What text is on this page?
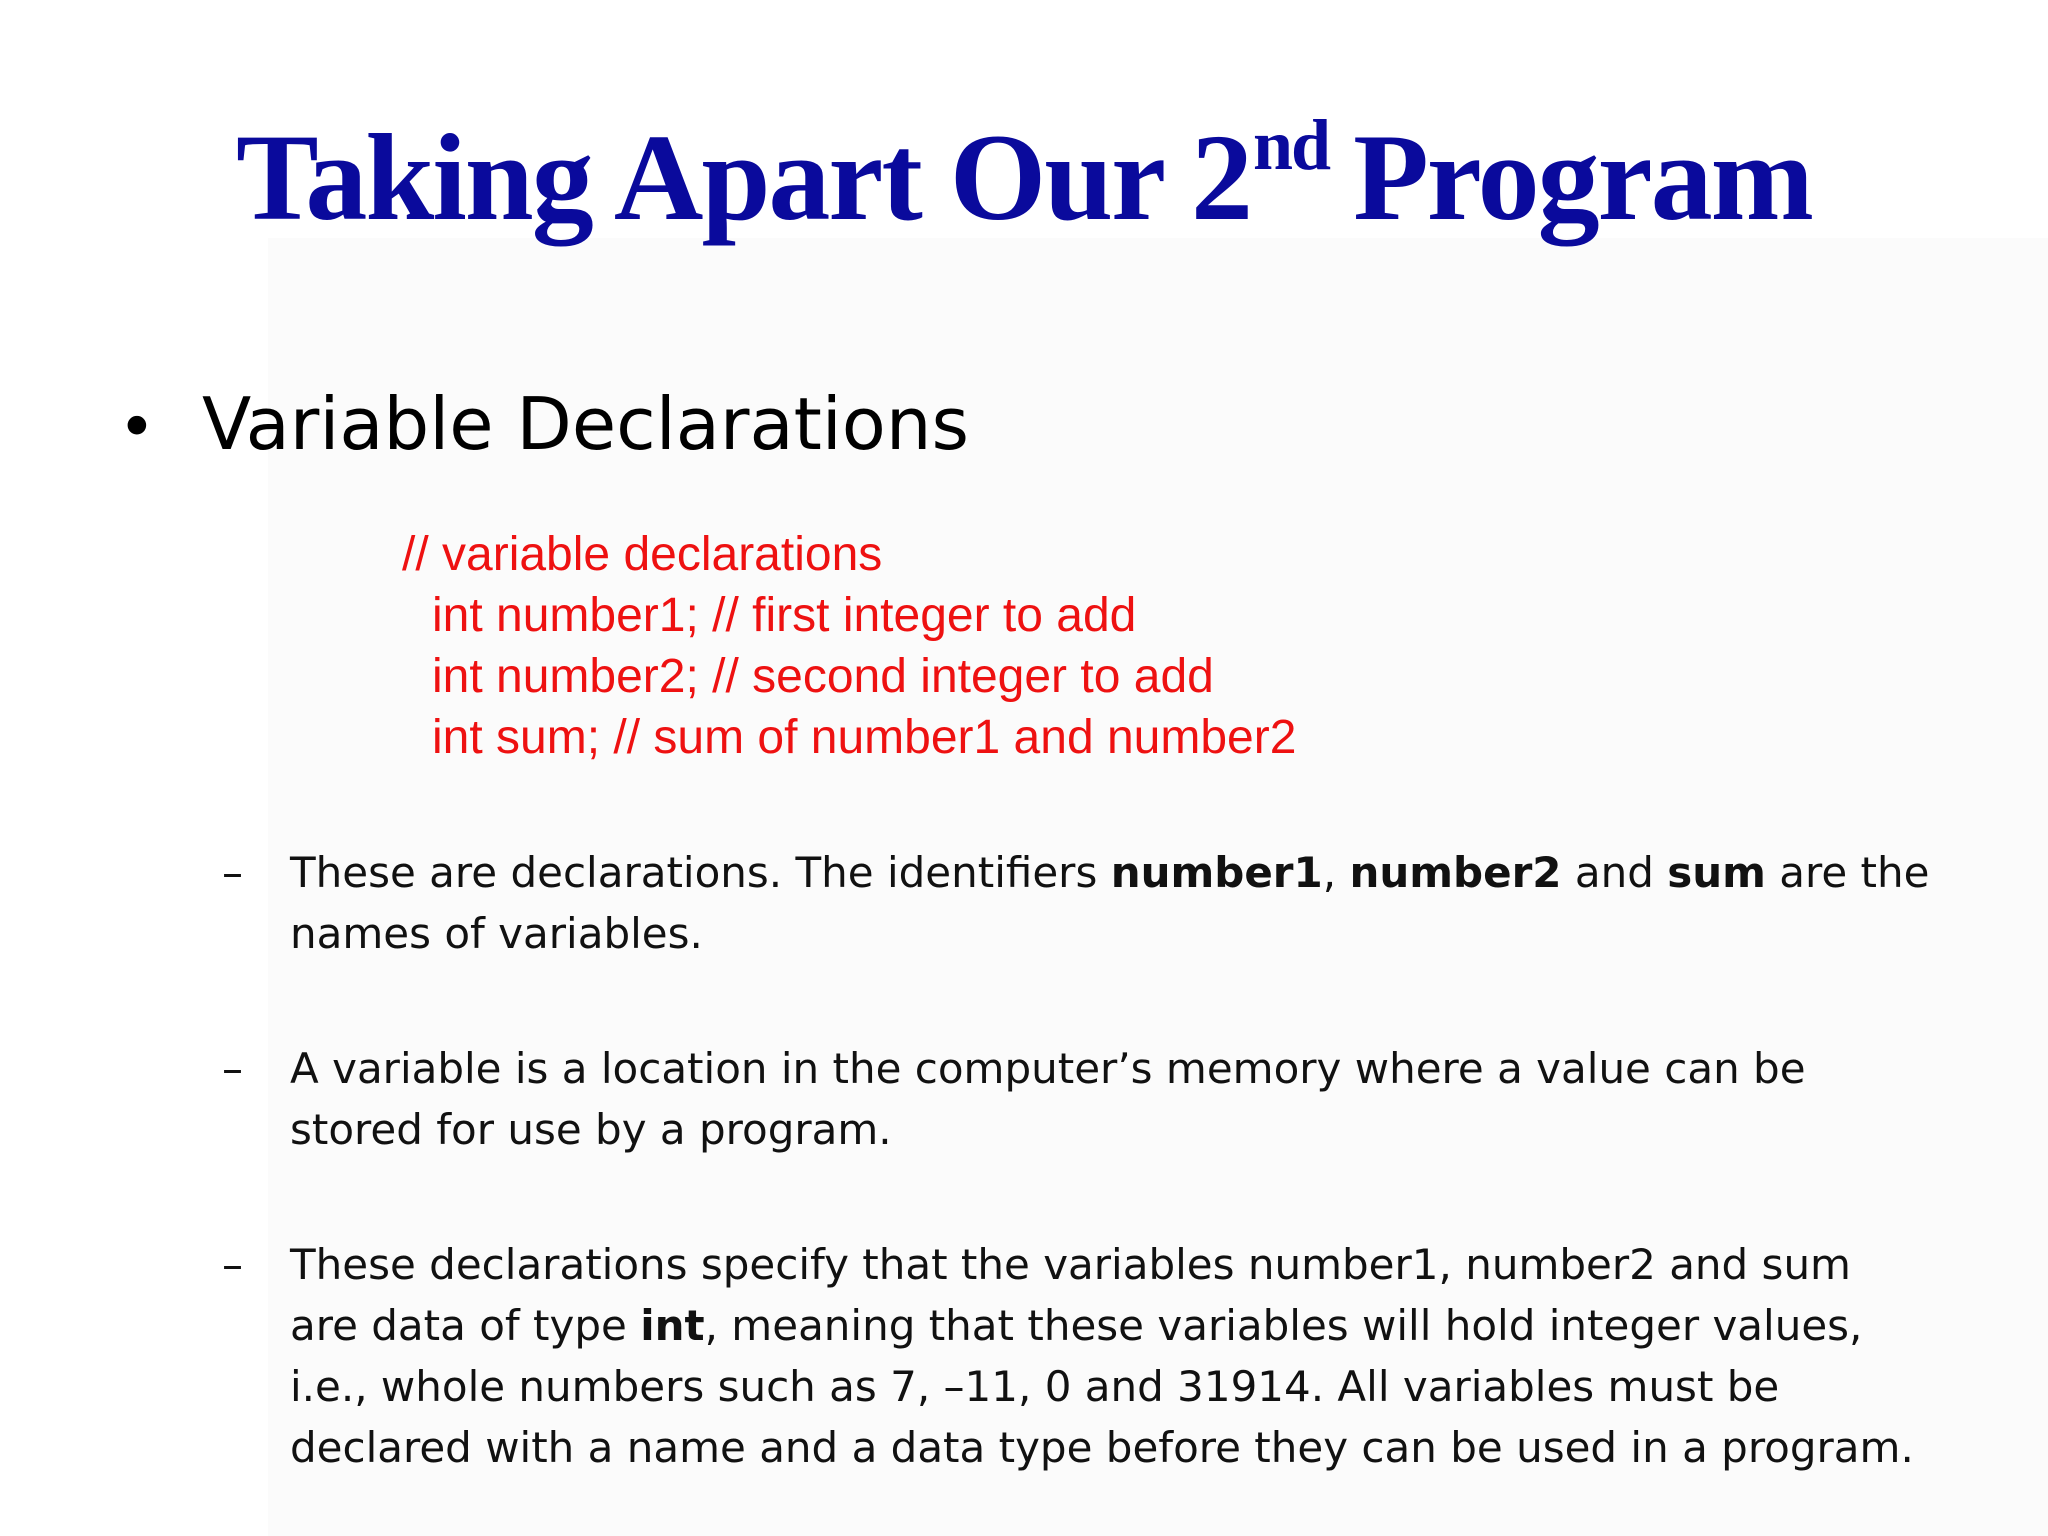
Taking Apart Our 2nd Program
• Variable Declarations
// variable declarations
int number1; // first integer to add
int number2; // second integer to add
int sum; // sum of number1 and number2
–	These are declarations. The identifiers number1, number2 and sum are the names of variables.
–	A variable is a location in the computer’s memory where a value can be stored for use by a program.
–	These declarations specify that the variables number1, number2 and sum are data of type int, meaning that these variables will hold integer values, i.e., whole numbers such as 7, –11, 0 and 31914. All variables must be declared with a name and a data type before they can be used in a program.
